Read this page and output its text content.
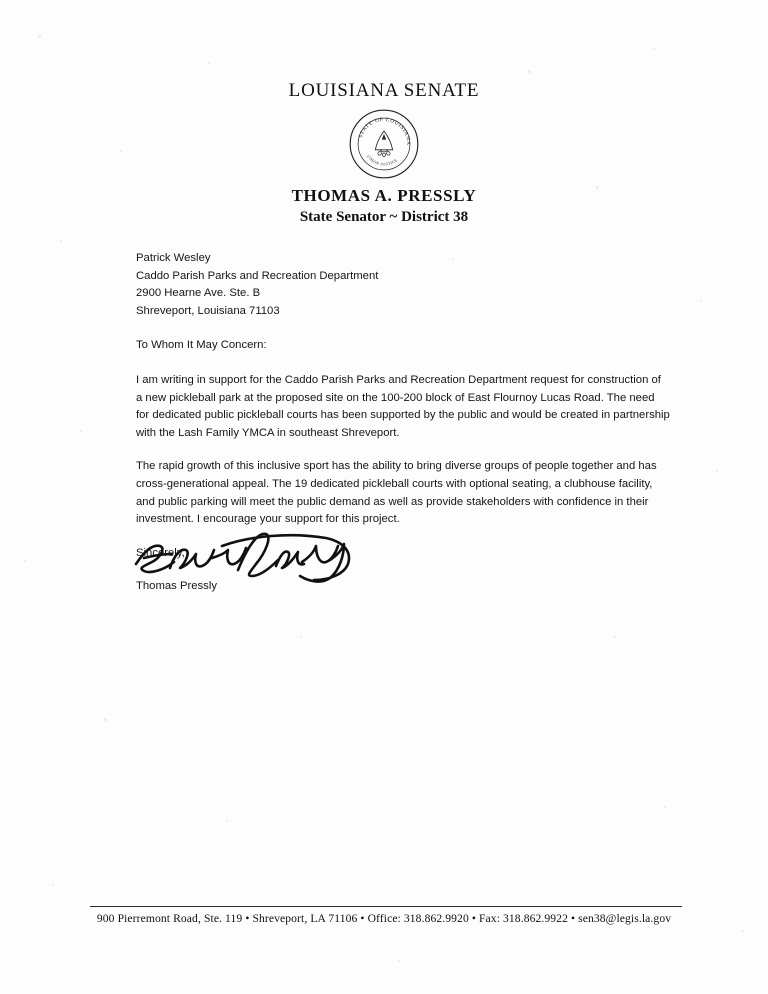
LOUISIANA SENATE
STATE OF LOUISIANA
UNION JUSTICE
THOMAS A. PRESSLY
State Senator ~ District 38
Patrick Wesley
Caddo Parish Parks and Recreation Department
2900 Hearne Ave. Ste. B
Shreveport, Louisiana 71103
To Whom It May Concern:

I am writing in support for the Caddo Parish Parks and Recreation Department request for construction of a new pickleball park at the proposed site on the 100-200 block of East Flournoy Lucas Road. The need for dedicated public pickleball courts has been supported by the public and would be created in partnership with the Lash Family YMCA in southeast Shreveport.

The rapid growth of this inclusive sport has the ability to bring diverse groups of people together and has cross-generational appeal. The 19 dedicated pickleball courts with optional seating, a clubhouse facility, and public parking will meet the public demand as well as provide stakeholders with confidence in their investment. I encourage your support for this project.

Sincerely,
Thomas Pressly
900 Pierremont Road, Ste. 119 • Shreveport, LA 71106 • Office: 318.862.9920 • Fax: 318.862.9922 • sen38@legis.la.gov
